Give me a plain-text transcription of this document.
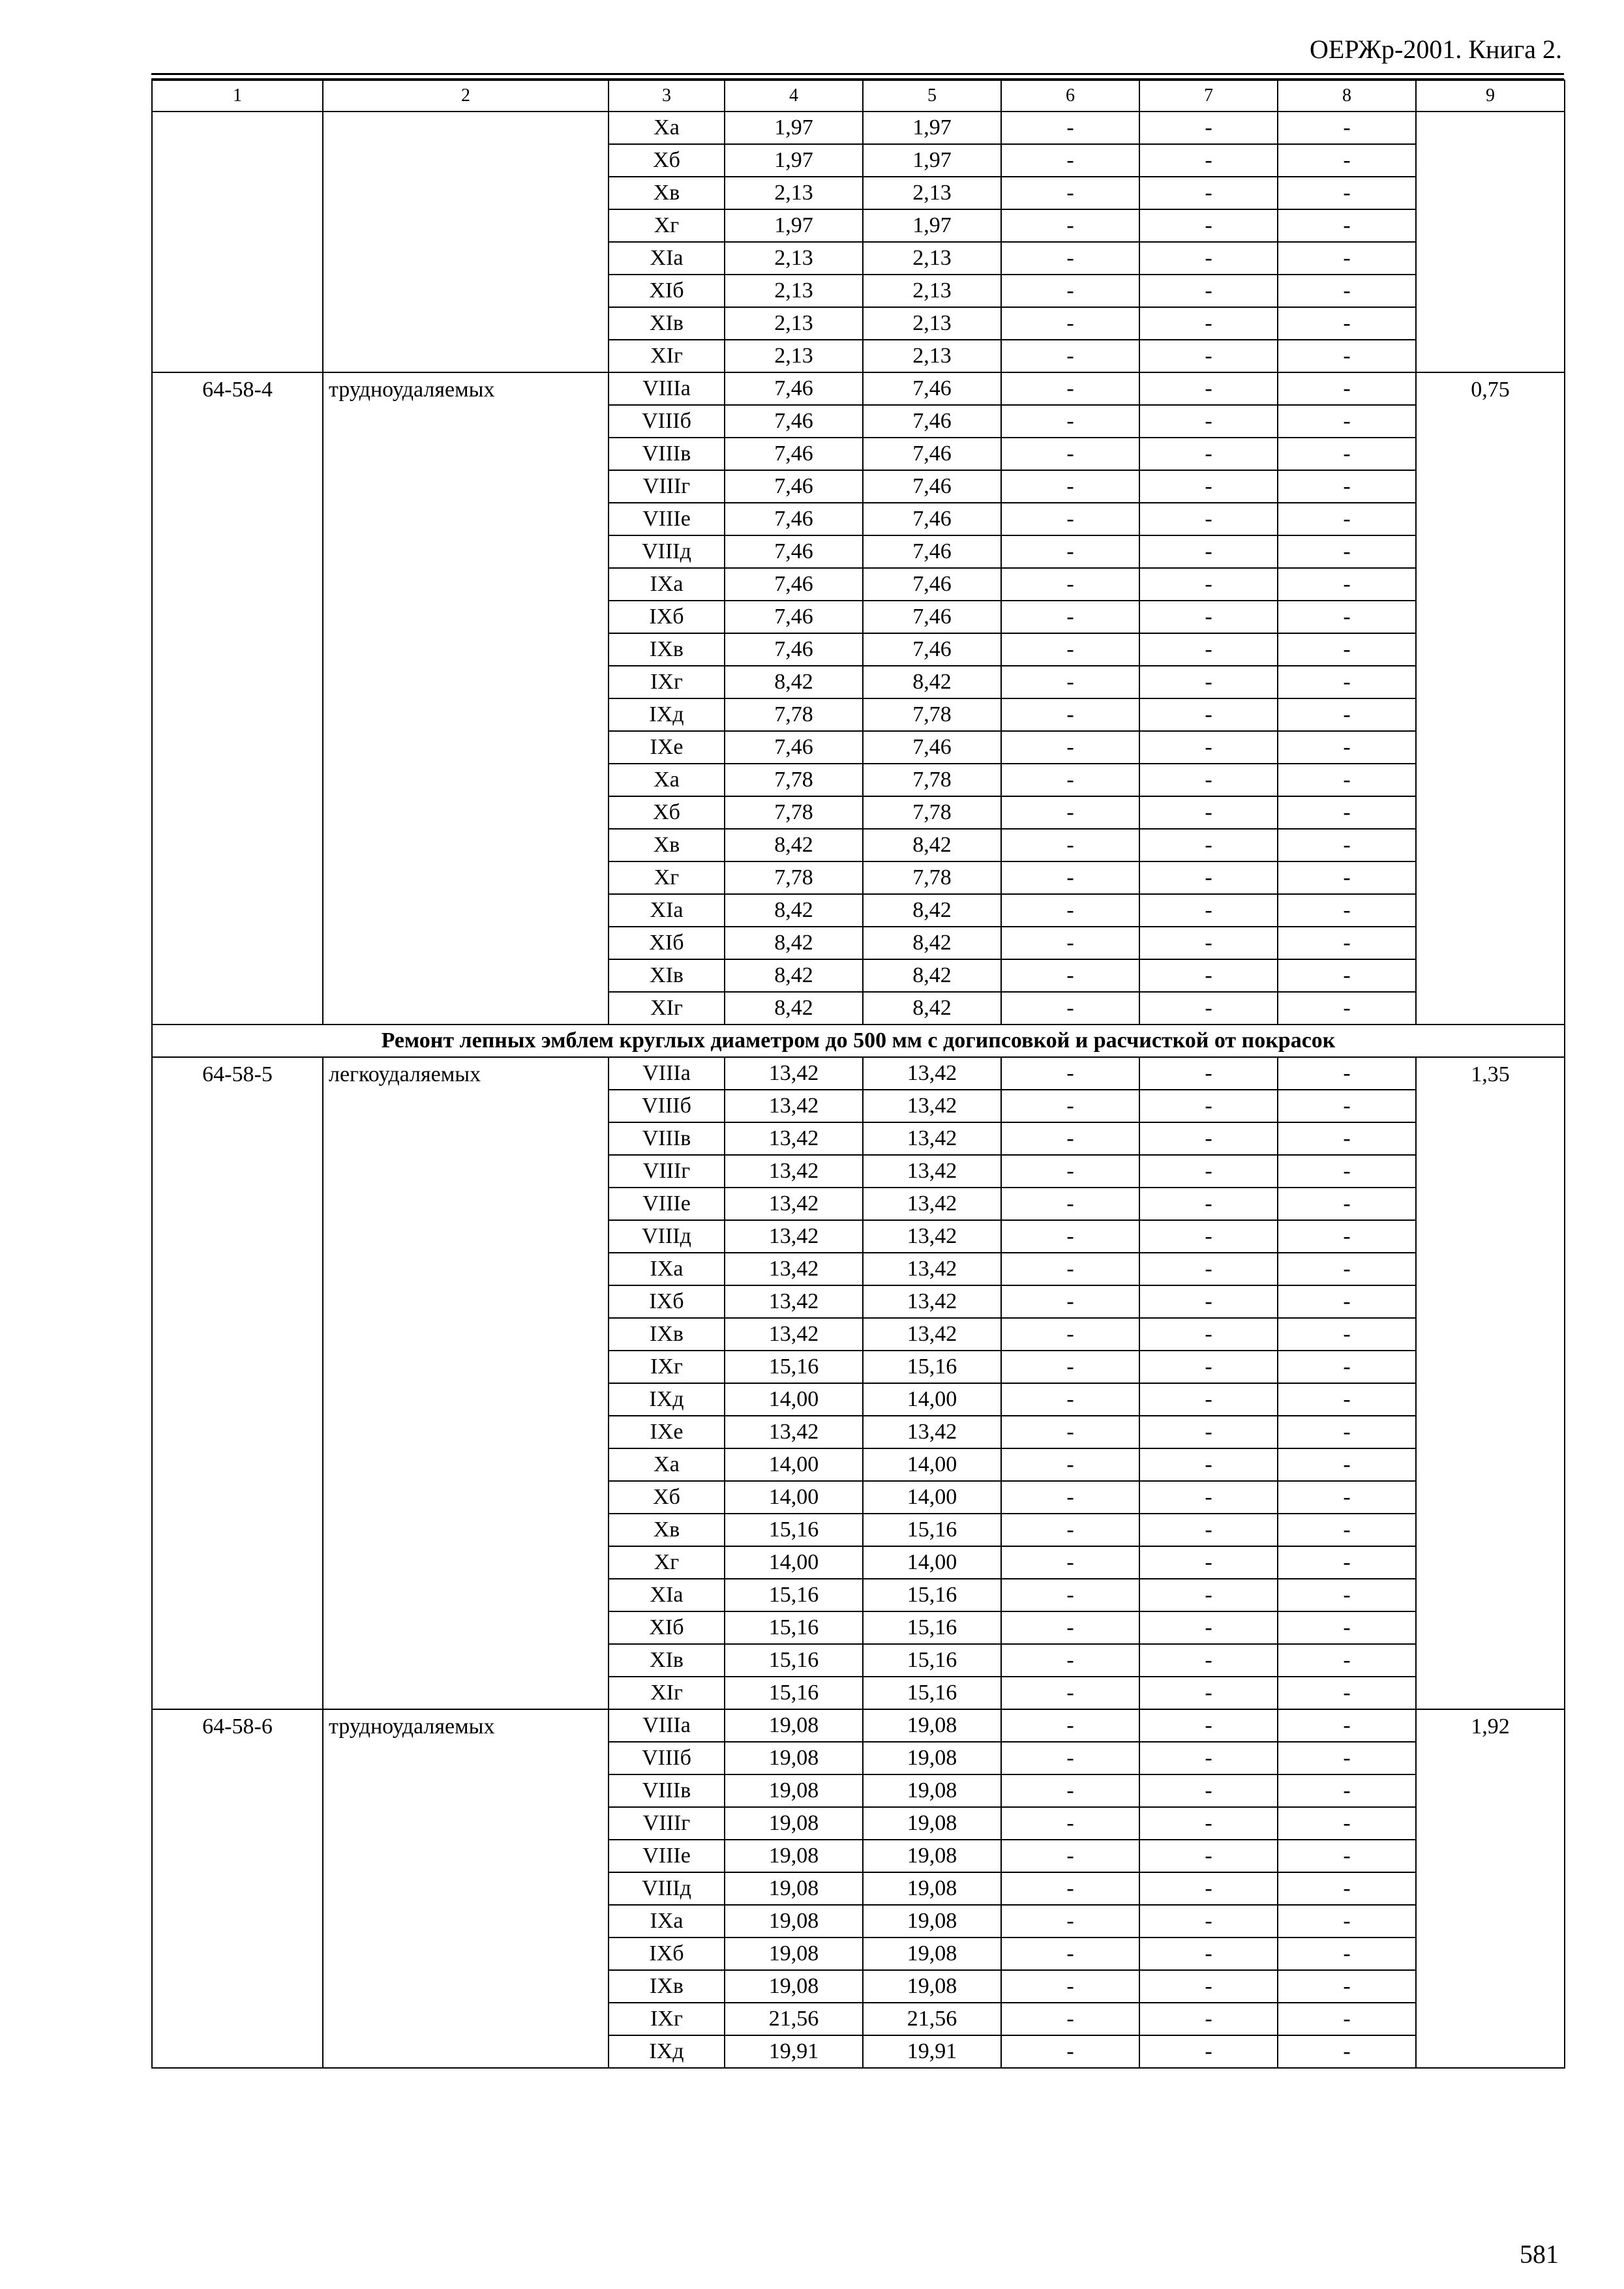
ОЕРЖр-2001. Книга 2.
1	2	3	4	5	6	7	8	9
		Xa	1,97	1,97	-	-	-	
		Xб	1,97	1,97	-	-	-	
		Xв	2,13	2,13	-	-	-	
		Xг	1,97	1,97	-	-	-	
		XIa	2,13	2,13	-	-	-	
		XIб	2,13	2,13	-	-	-	
		XIв	2,13	2,13	-	-	-	
		XIг	2,13	2,13	-	-	-	
64-58-4	трудноудаляемых	VIIIa	7,46	7,46	-	-	-	0,75
		VIIIб	7,46	7,46	-	-	-	
		VIIIв	7,46	7,46	-	-	-	
		VIIIг	7,46	7,46	-	-	-	
		VIIIe	7,46	7,46	-	-	-	
		VIIIд	7,46	7,46	-	-	-	
		IXa	7,46	7,46	-	-	-	
		IXб	7,46	7,46	-	-	-	
		IXв	7,46	7,46	-	-	-	
		IXг	8,42	8,42	-	-	-	
		IXд	7,78	7,78	-	-	-	
		IXe	7,46	7,46	-	-	-	
		Xa	7,78	7,78	-	-	-	
		Xб	7,78	7,78	-	-	-	
		Xв	8,42	8,42	-	-	-	
		Xг	7,78	7,78	-	-	-	
		XIa	8,42	8,42	-	-	-	
		XIб	8,42	8,42	-	-	-	
		XIв	8,42	8,42	-	-	-	
		XIг	8,42	8,42	-	-	-	
Ремонт лепных эмблем круглых диаметром до 500 мм с догипсовкой и расчисткой от покрасок								
64-58-5	легкоудаляемых	VIIIa	13,42	13,42	-	-	-	1,35
		VIIIб	13,42	13,42	-	-	-	
		VIIIв	13,42	13,42	-	-	-	
		VIIIг	13,42	13,42	-	-	-	
		VIIIe	13,42	13,42	-	-	-	
		VIIIд	13,42	13,42	-	-	-	
		IXa	13,42	13,42	-	-	-	
		IXб	13,42	13,42	-	-	-	
		IXв	13,42	13,42	-	-	-	
		IXг	15,16	15,16	-	-	-	
		IXд	14,00	14,00	-	-	-	
		IXe	13,42	13,42	-	-	-	
		Xa	14,00	14,00	-	-	-	
		Xб	14,00	14,00	-	-	-	
		Xв	15,16	15,16	-	-	-	
		Xг	14,00	14,00	-	-	-	
		XIa	15,16	15,16	-	-	-	
		XIб	15,16	15,16	-	-	-	
		XIв	15,16	15,16	-	-	-	
		XIг	15,16	15,16	-	-	-	
64-58-6	трудноудаляемых	VIIIa	19,08	19,08	-	-	-	1,92
		VIIIб	19,08	19,08	-	-	-	
		VIIIв	19,08	19,08	-	-	-	
		VIIIг	19,08	19,08	-	-	-	
		VIIIe	19,08	19,08	-	-	-	
		VIIIд	19,08	19,08	-	-	-	
		IXa	19,08	19,08	-	-	-	
		IXб	19,08	19,08	-	-	-	
		IXв	19,08	19,08	-	-	-	
		IXг	21,56	21,56	-	-	-	
		IXд	19,91	19,91	-	-	-	
581
